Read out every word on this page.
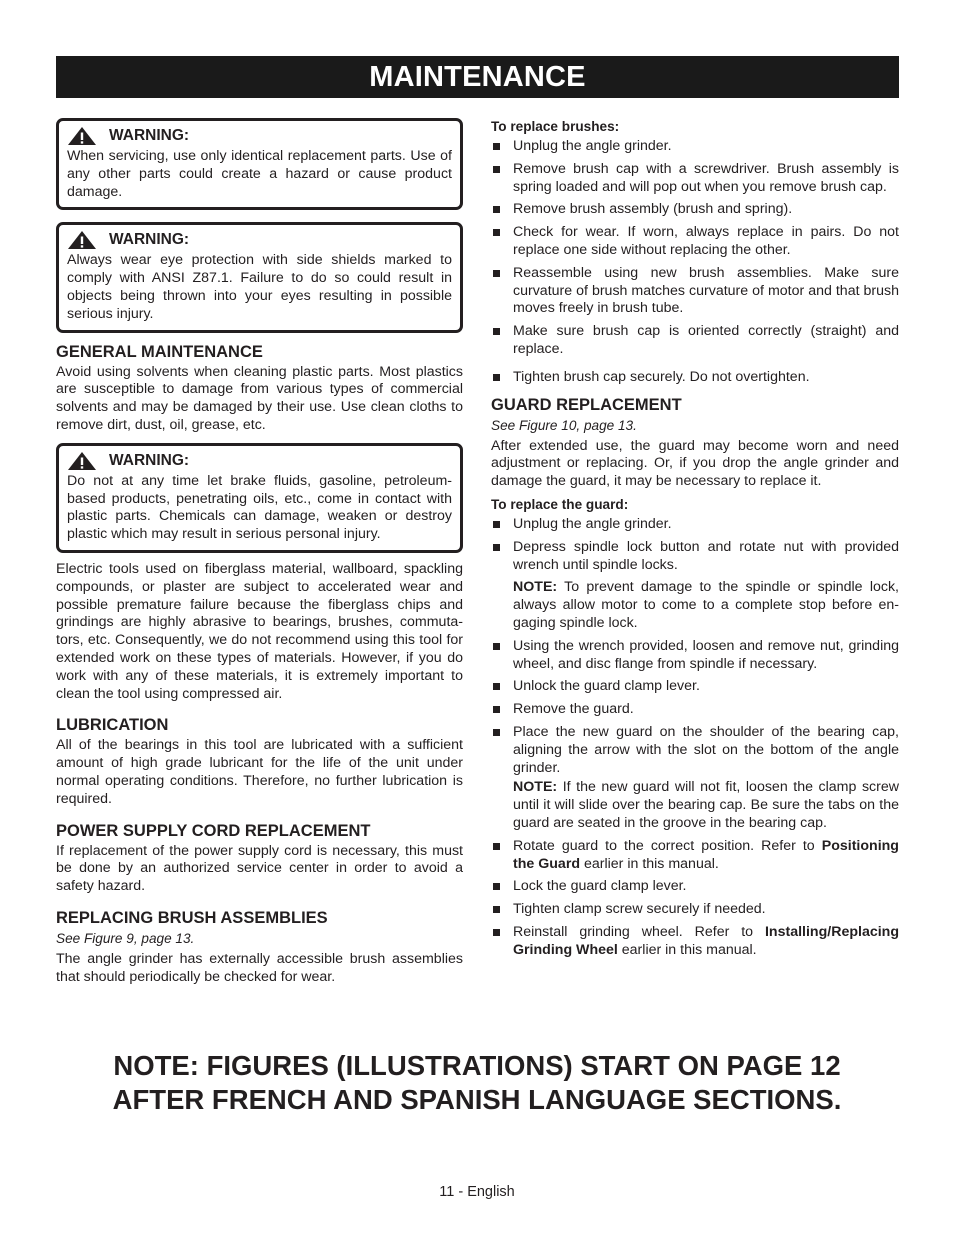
MAINTENANCE
WARNING:

When servicing, use only identical replacement parts. Use of any other parts could create a hazard or cause product damage.

WARNING:

Always wear eye protection with side shields marked to comply with ANSI Z87.1. Failure to do so could result in objects being thrown into your eyes resulting in possible serious injury.

GENERAL MAINTENANCE

Avoid using solvents when cleaning plastic parts. Most plastics are susceptible to damage from various types of commercial solvents and may be damaged by their use. Use clean cloths to remove dirt, dust, oil, grease, etc.

WARNING:

Do not at any time let brake fluids, gasoline, petroleum-based products, penetrating oils, etc., come in contact with plastic parts. Chemicals can damage, weaken or destroy plastic which may result in serious personal injury.

Electric tools used on fiberglass material, wallboard, spackling compounds, or plaster are subject to accelerated wear and possible premature failure because the fiberglass chips and grindings are highly abrasive to bearings, brushes, commuta-tors, etc. Consequently, we do not recommend using this tool for extended work on these types of materials. However, if you do work with any of these materials, it is extremely important to clean the tool using compressed air.

LUBRICATION

All of the bearings in this tool are lubricated with a sufficient amount of high grade lubricant for the life of the unit under normal operating conditions. Therefore, no further lubrication is required.

POWER SUPPLY CORD REPLACEMENT

If replacement of the power supply cord is necessary, this must be done by an authorized service center in order to avoid a safety hazard.

REPLACING BRUSH ASSEMBLIES
See Figure 9, page 13.

The angle grinder has externally accessible brush assemblies that should periodically be checked for wear.

To replace brushes:

Unplug the angle grinder.

Remove brush cap with a screwdriver. Brush assembly is spring loaded and will pop out when you remove brush cap.

Remove brush assembly (brush and spring).

Check for wear. If worn, always replace in pairs. Do not replace one side without replacing the other.

Reassemble using new brush assemblies. Make sure curvature of brush matches curvature of motor and that brush moves freely in brush tube.

Make sure brush cap is oriented correctly (straight) and replace.

Tighten brush cap securely. Do not overtighten.

GUARD REPLACEMENT
See Figure 10, page 13.

After extended use, the guard may become worn and need adjustment or replacing. Or, if you drop the angle grinder and damage the guard, it may be necessary to replace it.

To replace the guard:

Unplug the angle grinder.

Depress spindle lock button and rotate nut with provided wrench until spindle locks.

NOTE: To prevent damage to the spindle or spindle lock, always allow motor to come to a complete stop before en-gaging spindle lock.

Using the wrench provided, loosen and remove nut, grinding wheel, and disc flange from spindle if necessary.

Unlock the guard clamp lever.

Remove the guard.

Place the new guard on the shoulder of the bearing cap, aligning the arrow with the slot on the bottom of the angle grinder.

NOTE: If the new guard will not fit, loosen the clamp screw until it will slide over the bearing cap. Be sure the tabs on the guard are seated in the groove in the bearing cap.

Rotate guard to the correct position. Refer to Positioning the Guard earlier in this manual.

Lock the guard clamp lever.

Tighten clamp screw securely if needed.

Reinstall grinding wheel. Refer to Installing/Replacing Grinding Wheel earlier in this manual.

NOTE: FIGURES (ILLUSTRATIONS) START ON PAGE 12
AFTER FRENCH AND SPANISH LANGUAGE SECTIONS.
11 - English
